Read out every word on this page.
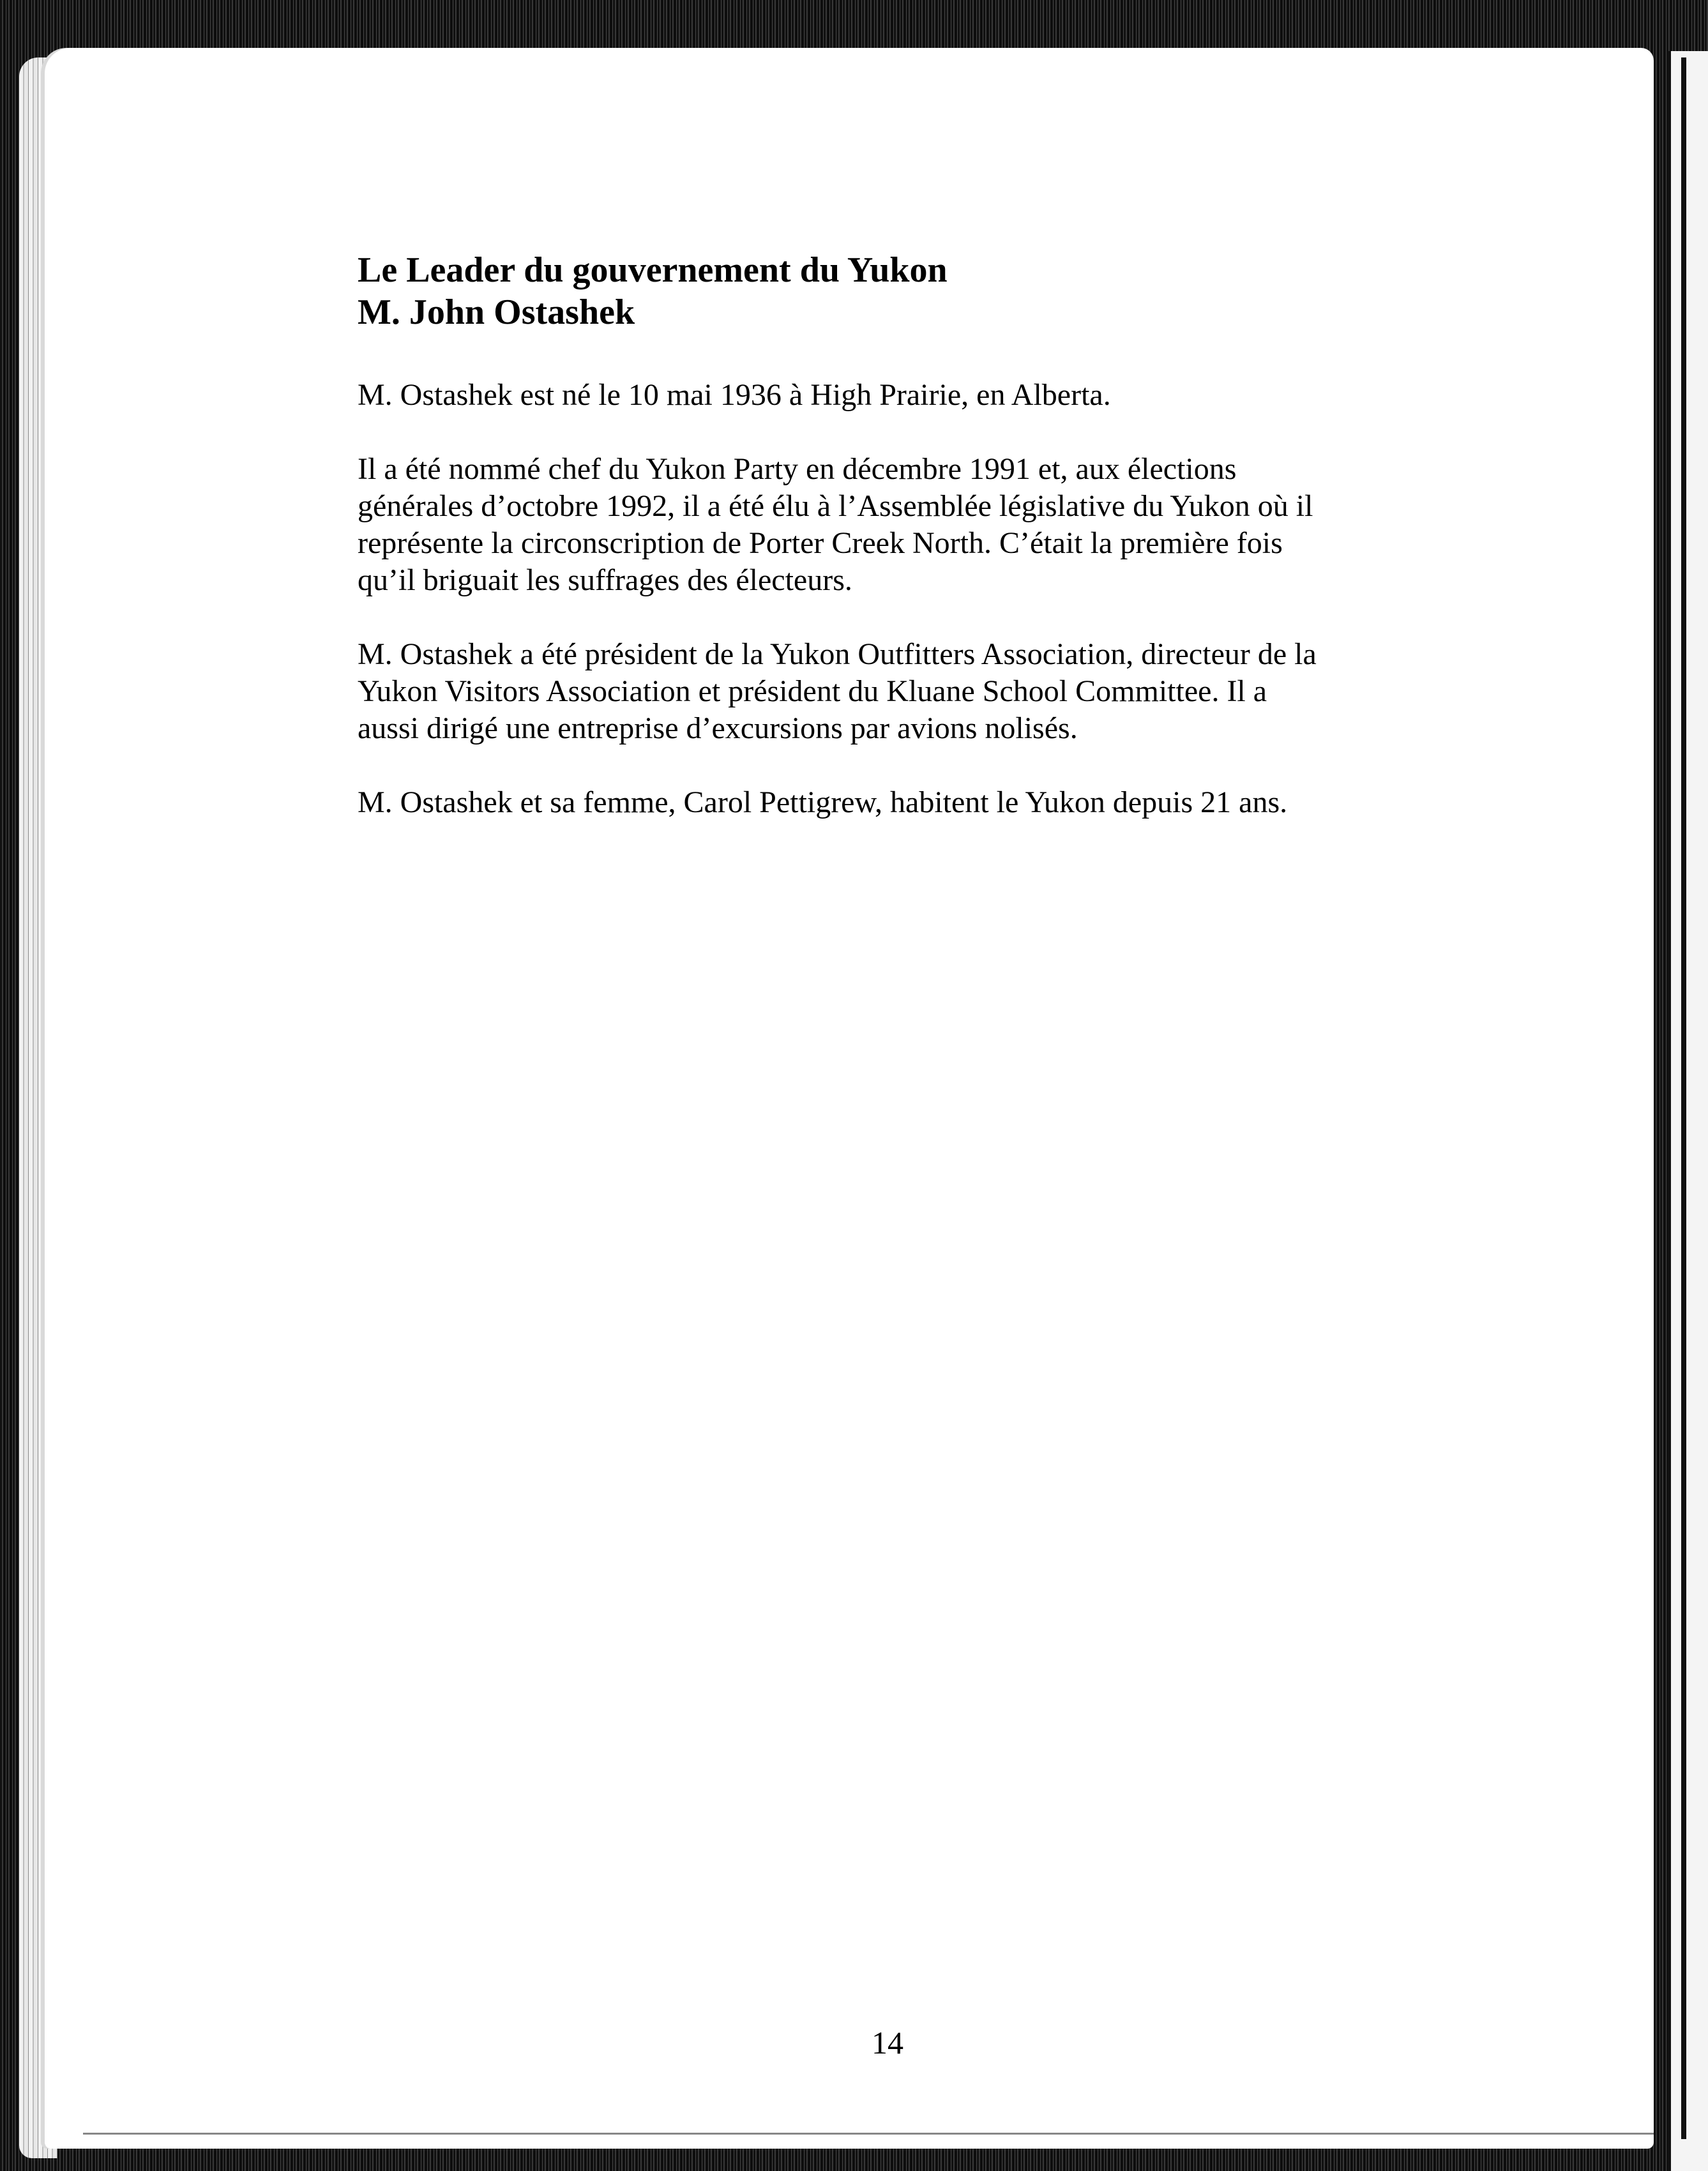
Le Leader du gouvernement du Yukon

M. John Ostashek

M. Ostashek est né le 10 mai 1936 à High Prairie, en Alberta.

Il a été nommé chef du Yukon Party en décembre 1991 et, aux élections

générales d’octobre 1992, il a été élu à l’Assemblée législative du Yukon où il

représente la circonscription de Porter Creek North. C’était la première fois

qu’il briguait les suffrages des électeurs.

M. Ostashek a été président de la Yukon Outfitters Association, directeur de la

Yukon Visitors Association et président du Kluane School Committee. Il a

aussi dirigé une entreprise d’excursions par avions nolisés.

M. Ostashek et sa femme, Carol Pettigrew, habitent le Yukon depuis 21 ans.

14
